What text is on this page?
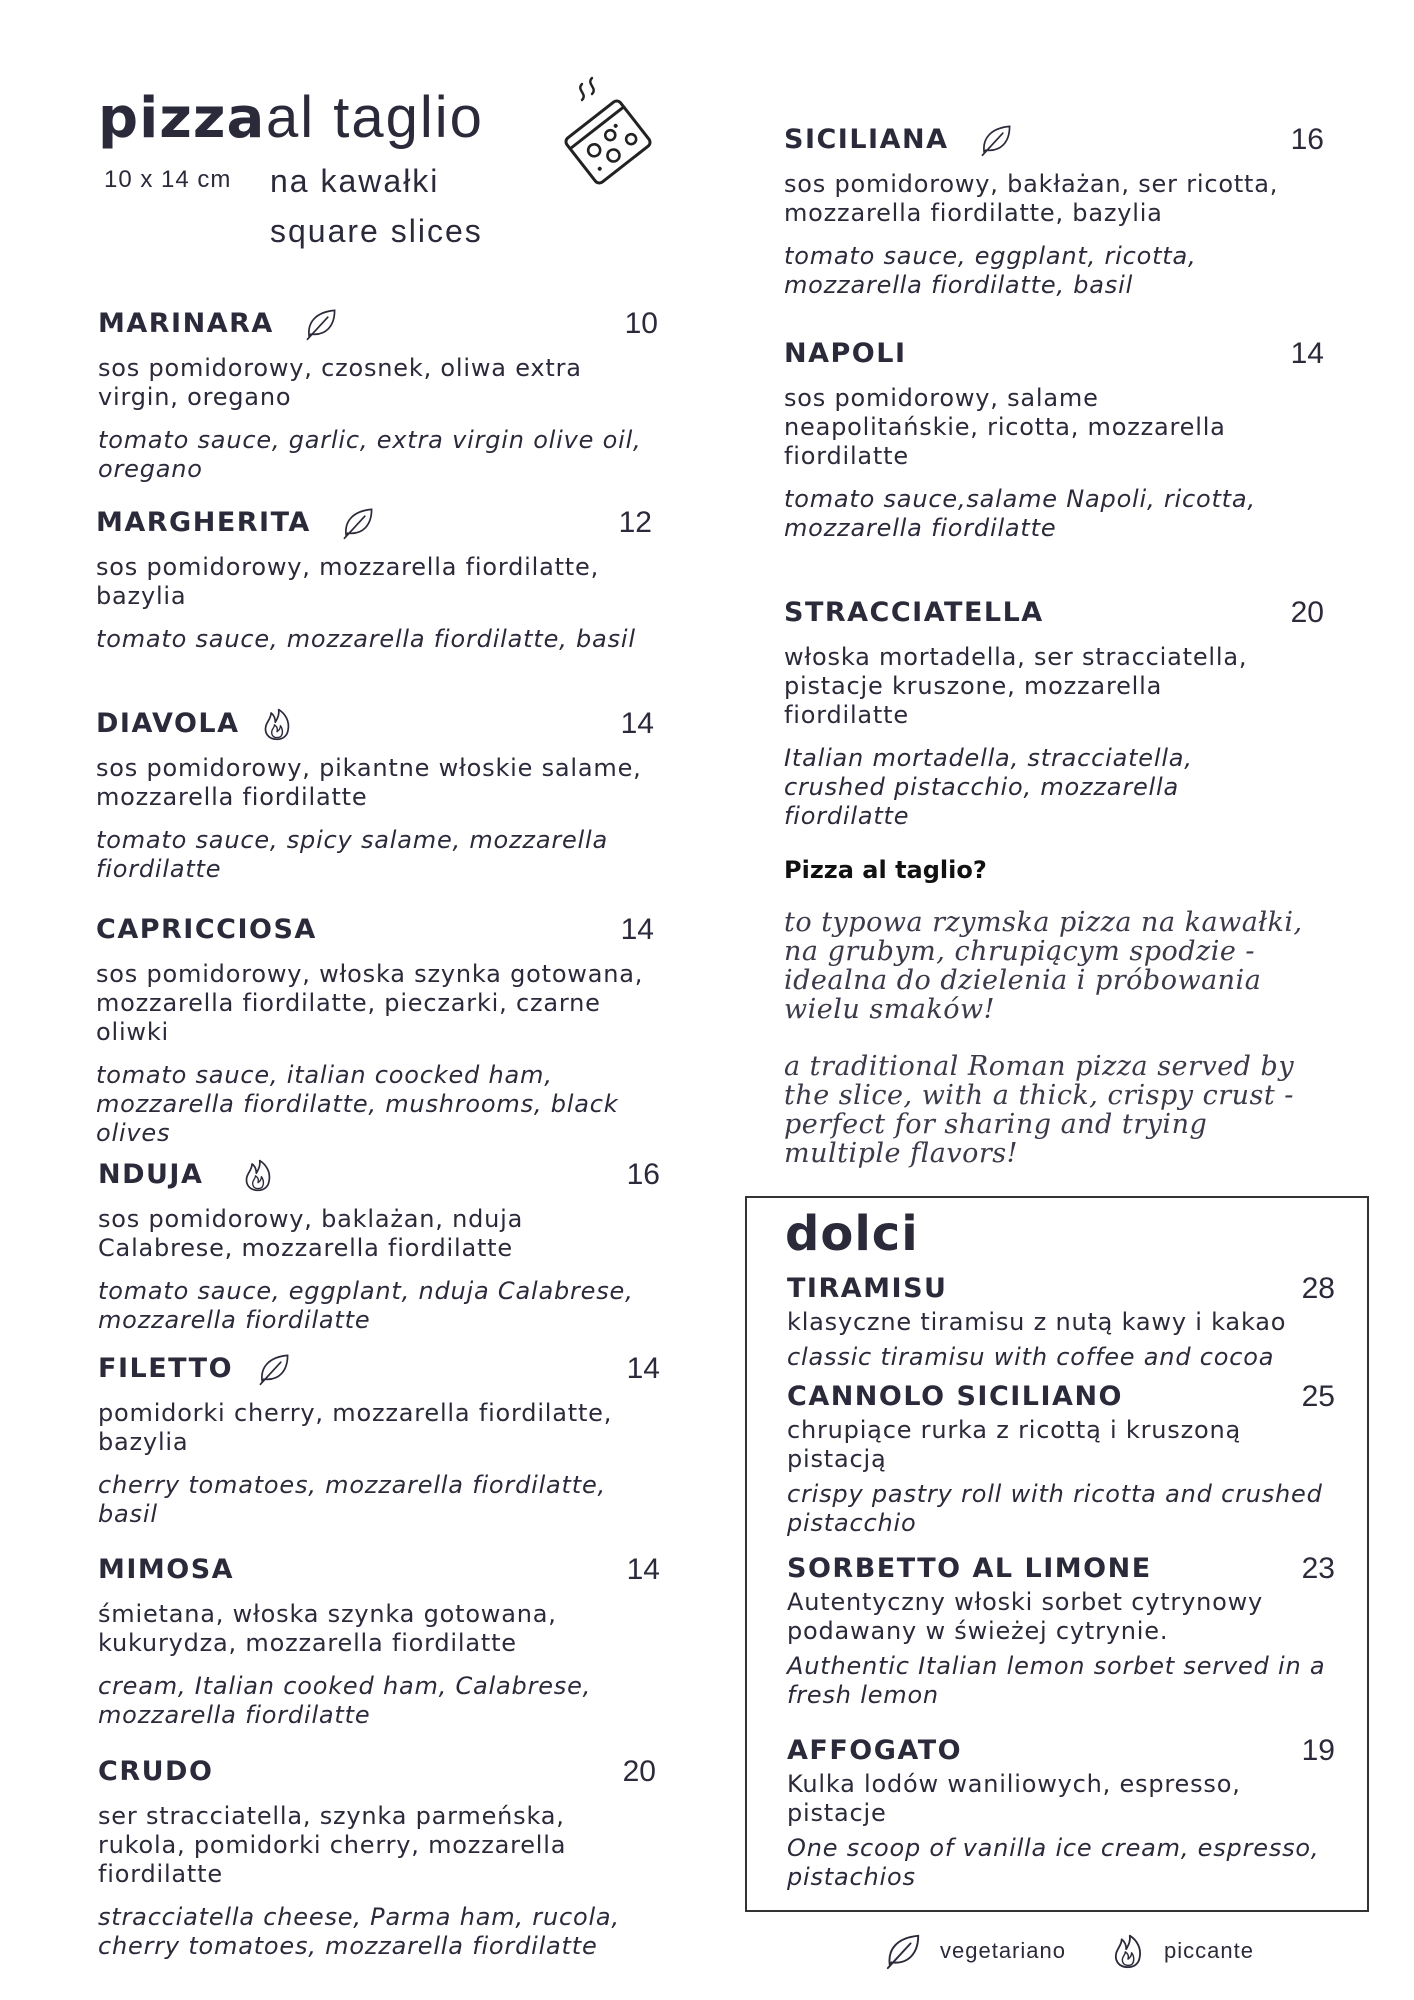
pizza al taglio
10 x 14 cm na kawałki
square slices
MARINARA	10
sos pomidorowy, czosnek, oliwa extra virgin, oregano
tomato sauce, garlic, extra virgin olive oil, oregano
MARGHERITA	12
sos pomidorowy, mozzarella fiordilatte, bazylia
tomato sauce, mozzarella fiordilatte, basil
DIAVOLA	14
sos pomidorowy, pikantne włoskie salame, mozzarella fiordilatte
tomato sauce, spicy salame, mozzarella fiordilatte
CAPRICCIOSA	14
sos pomidorowy, włoska szynka gotowana, mozzarella fiordilatte, pieczarki, czarne oliwki
tomato sauce, italian coocked ham, mozzarella fiordilatte, mushrooms, black olives
NDUJA	16
sos pomidorowy, baklażan, nduja Calabrese, mozzarella fiordilatte
tomato sauce, eggplant, nduja Calabrese, mozzarella fiordilatte
FILETTO	14
pomidorki cherry, mozzarella fiordilatte, bazylia
cherry tomatoes, mozzarella fiordilatte, basil
MIMOSA	14
śmietana, włoska szynka gotowana, kukurydza, mozzarella fiordilatte
cream, Italian cooked ham, Calabrese, mozzarella fiordilatte
CRUDO	20
ser stracciatella, szynka parmeńska, rukola, pomidorki cherry, mozzarella fiordilatte
stracciatella cheese, Parma ham, rucola, cherry tomatoes, mozzarella fiordilatte
SICILIANA	16
sos pomidorowy, bakłażan, ser ricotta, mozzarella fiordilatte, bazylia
tomato sauce, eggplant, ricotta, mozzarella fiordilatte, basil
NAPOLI	14
sos pomidorowy, salame neapolitańskie, ricotta, mozzarella fiordilatte
tomato sauce,salame Napoli, ricotta, mozzarella fiordilatte
STRACCIATELLA	20
włoska mortadella, ser stracciatella, pistacje kruszone, mozzarella fiordilatte
Italian mortadella, stracciatella, crushed pistacchio, mozzarella fiordilatte
Pizza al taglio?
to typowa rzymska pizza na kawałki, na grubym, chrupiącym spodzie - idealna do dzielenia i próbowania wielu smaków!
a traditional Roman pizza served by the slice, with a thick, crispy crust - perfect for sharing and trying multiple flavors!
dolci
TIRAMISU	28
klasyczne tiramisu z nutą kawy i kakao
classic tiramisu with coffee and cocoa
CANNOLO SICILIANO	25
chrupiące rurka z ricottą i kruszoną pistacją
crispy pastry roll with ricotta and crushed pistacchio
SORBETTO AL LIMONE	23
Autentyczny włoski sorbet cytrynowy podawany w świeżej cytrynie.
Authentic Italian lemon sorbet served in a fresh lemon
AFFOGATO	19
Kulka lodów waniliowych, espresso, pistacje
One scoop of vanilla ice cream, espresso, pistachios
vegetariano	piccante
